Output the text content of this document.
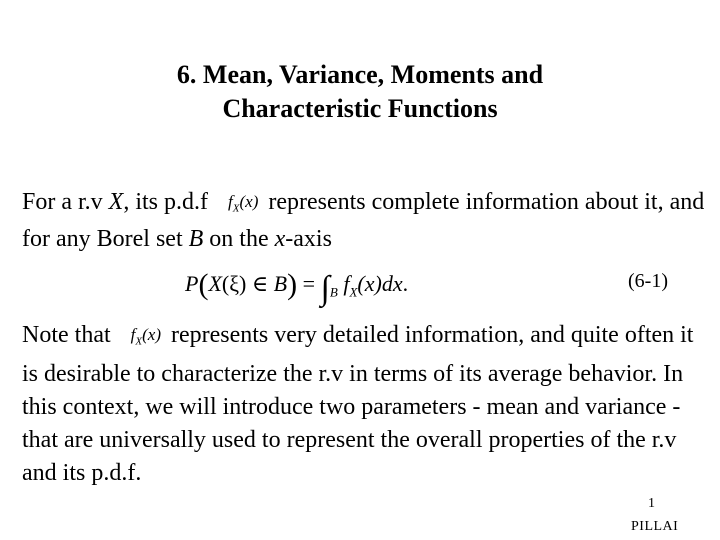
6. Mean, Variance, Moments and
Characteristic Functions
For a r.v X, its p.d.f $f_X(x)$ represents complete information about it, and for any Borel set B on the x-axis
P(X(ξ) ∈ $B) = \int_B$ $f_X(x)dx$.	(6-1)
Note that $f_X(x)$ represents very detailed information, and quite often it is desirable to characterize the r.v in terms of its average behavior. In this context, we will introduce two parameters - mean and variance - that are universally used to represent the overall properties of the r.v and its p.d.f.
1
PILLAI
